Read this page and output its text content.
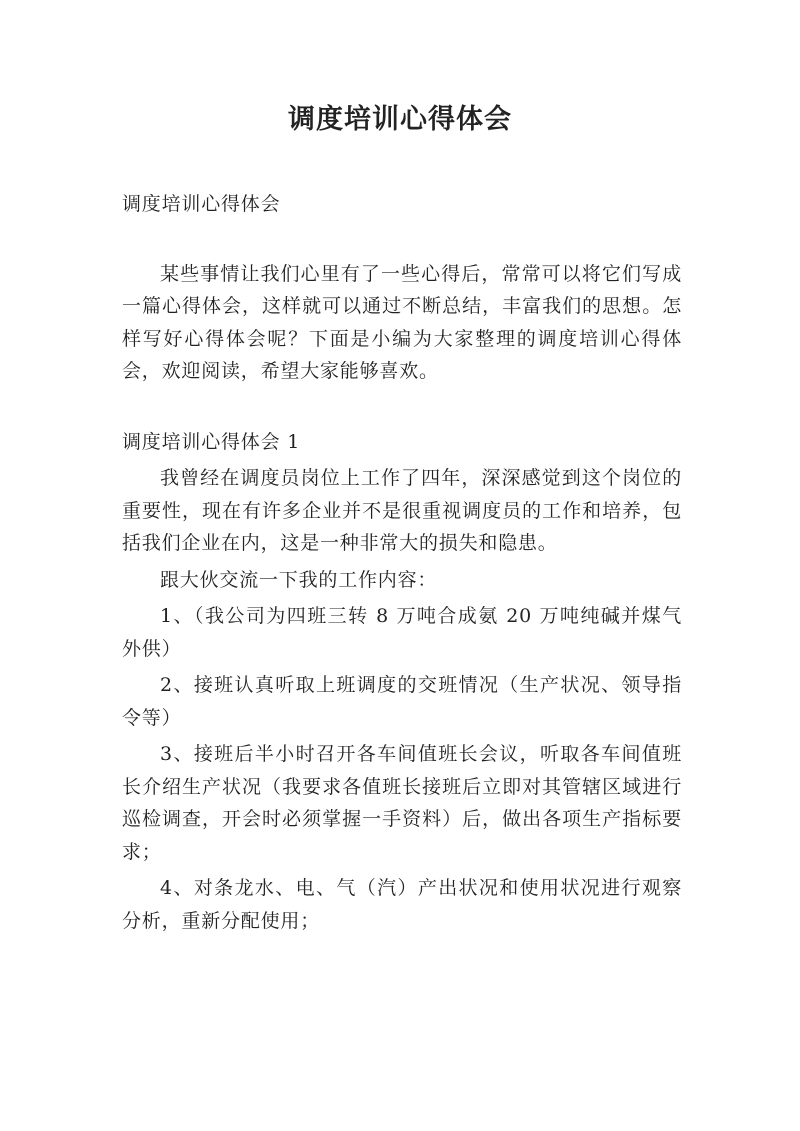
调度培训心得体会

调度培训心得体会

某些事情让我们心里有了一些心得后，常常可以将它们写成一篇心得体会，这样就可以通过不断总结，丰富我们的思想。怎样写好心得体会呢？下面是小编为大家整理的调度培训心得体会，欢迎阅读，希望大家能够喜欢。

调度培训心得体会 1

我曾经在调度员岗位上工作了四年，深深感觉到这个岗位的重要性，现在有许多企业并不是很重视调度员的工作和培养，包括我们企业在内，这是一种非常大的损失和隐患。

跟大伙交流一下我的工作内容：

1、（我公司为四班三转 8 万吨合成氨 20 万吨纯碱并煤气外供）

2、接班认真听取上班调度的交班情况（生产状况、领导指令等）

3、接班后半小时召开各车间值班长会议，听取各车间值班长介绍生产状况（我要求各值班长接班后立即对其管辖区域进行巡检调查，开会时必须掌握一手资料）后，做出各项生产指标要求；

4、对条龙水、电、气（汽）产出状况和使用状况进行观察分析，重新分配使用；
